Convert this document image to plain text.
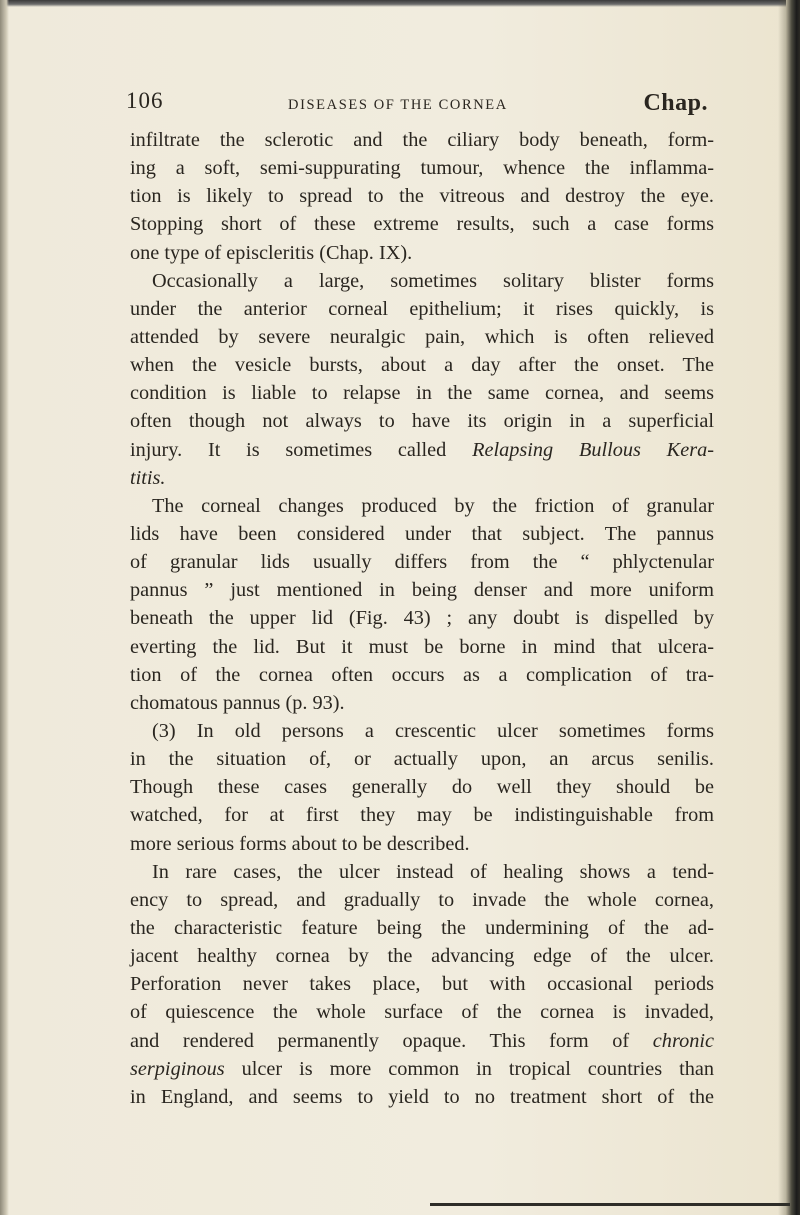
106	DISEASES OF THE CORNEA	Chap.
infiltrate the sclerotic and the ciliary body beneath, form-
ing a soft, semi-suppurating tumour, whence the inflamma-
tion is likely to spread to the vitreous and destroy the eye.
Stopping short of these extreme results, such a case forms
one type of episcleritis (Chap. IX).
Occasionally a large, sometimes solitary blister forms
under the anterior corneal epithelium; it rises quickly, is
attended by severe neuralgic pain, which is often relieved
when the vesicle bursts, about a day after the onset. The
condition is liable to relapse in the same cornea, and seems
often though not always to have its origin in a superficial
injury. It is sometimes called Relapsing Bullous Kera-
titis.
The corneal changes produced by the friction of granular
lids have been considered under that subject. The pannus
of granular lids usually differs from the “ phlyctenular
pannus ” just mentioned in being denser and more uniform
beneath the upper lid (Fig. 43) ; any doubt is dispelled by
everting the lid. But it must be borne in mind that ulcera-
tion of the cornea often occurs as a complication of tra-
chomatous pannus (p. 93).
(3) In old persons a crescentic ulcer sometimes forms
in the situation of, or actually upon, an arcus senilis.
Though these cases generally do well they should be
watched, for at first they may be indistinguishable from
more serious forms about to be described.
In rare cases, the ulcer instead of healing shows a tend-
ency to spread, and gradually to invade the whole cornea,
the characteristic feature being the undermining of the ad-
jacent healthy cornea by the advancing edge of the ulcer.
Perforation never takes place, but with occasional periods
of quiescence the whole surface of the cornea is invaded,
and rendered permanently opaque. This form of chronic
serpiginous ulcer is more common in tropical countries than
in England, and seems to yield to no treatment short of the
